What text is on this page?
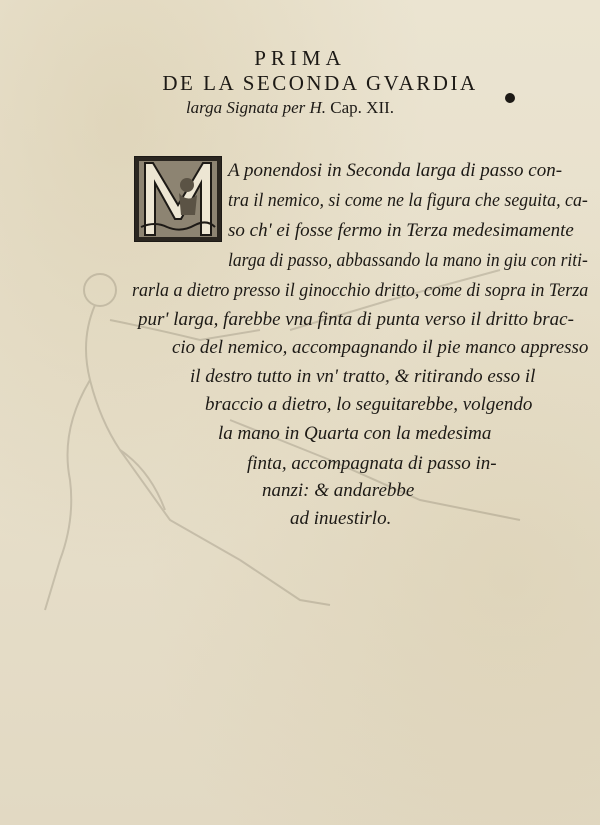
PRIMA
DE LA SECONDA GVARDIA
larga Signata per H. Cap. XII.
A ponendosi in Seconda larga di passo con-
tra il nemico, si come ne la figura che seguita, ca-
so ch' ei fosse fermo in Terza medesimamente
larga di passo, abbassando la mano in giu con riti-
rarla a dietro presso il ginocchio dritto, come di sopra in Terza
pur' larga, farebbe vna finta di punta verso il dritto brac-
cio del nemico, accompagnando il pie manco appresso
il destro tutto in vn' tratto, & ritirando esso il
braccio a dietro, lo seguitarebbe, volgendo
la mano in Quarta con la medesima
finta, accompagnata di passo in-
nanzi: & andarebbe
ad inuestirlo.
